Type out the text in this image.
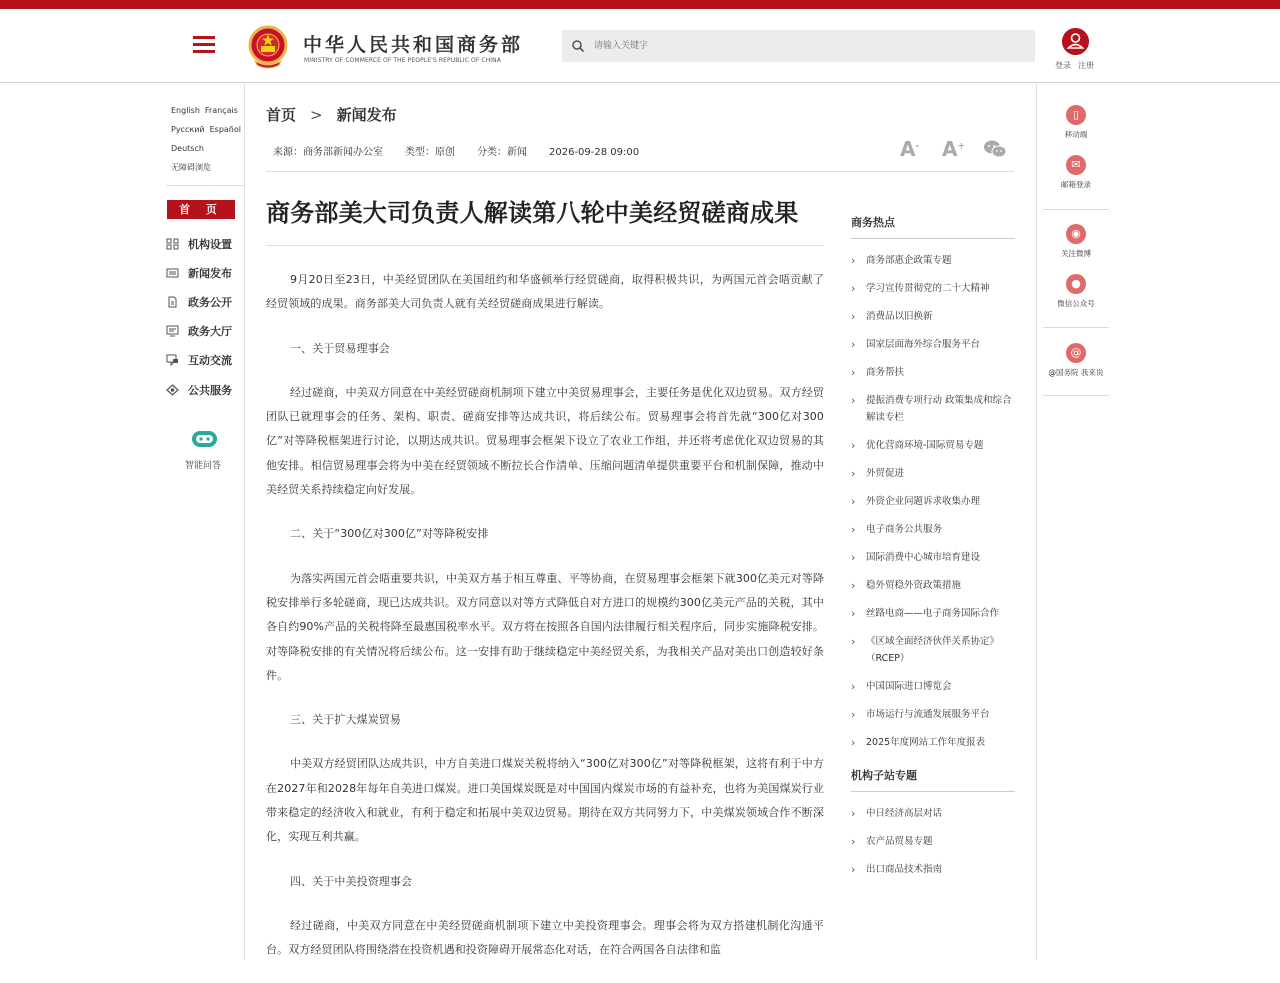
中华人民共和国商务部
MINISTRY OF COMMERCE OF THE PEOPLE'S REPUBLIC OF CHINA
请输入关键字
登录 注册
English Français
Русский Español
Deutsch
无障碍浏览
首 页
机构设置
新闻发布
政务公开
政务大厅
互动交流
公共服务
智能问答
首页 > 新闻发布
来源：商务部新闻办公室 类型：原创 分类：新闻 2026-09-28 09:00	A- A+
商务部美大司负责人解读第八轮中美经贸磋商成果

9月20日至23日，中美经贸团队在美国纽约和华盛顿举行经贸磋商，取得积极共识，为两国元首会晤贡献了经贸领域的成果。商务部美大司负责人就有关经贸磋商成果进行解读。

一、关于贸易理事会

经过磋商，中美双方同意在中美经贸磋商机制项下建立中美贸易理事会，主要任务是优化双边贸易。双方经贸团队已就理事会的任务、架构、职责、磋商安排等达成共识，将后续公布。贸易理事会将首先就“300亿对300亿”对等降税框架进行讨论，以期达成共识。贸易理事会框架下设立了农业工作组，并还将考虑优化双边贸易的其他安排。相信贸易理事会将为中美在经贸领域不断拉长合作清单、压缩问题清单提供重要平台和机制保障，推动中美经贸关系持续稳定向好发展。

二、关于“300亿对300亿”对等降税安排

为落实两国元首会晤重要共识，中美双方基于相互尊重、平等协商，在贸易理事会框架下就300亿美元对等降税安排举行多轮磋商，现已达成共识。双方同意以对等方式降低自对方进口的规模约300亿美元产品的关税，其中各自约90%产品的关税将降至最惠国税率水平。双方将在按照各自国内法律履行相关程序后，同步实施降税安排。对等降税安排的有关情况将后续公布。这一安排有助于继续稳定中美经贸关系，为我相关产品对美出口创造较好条件。

三、关于扩大煤炭贸易

中美双方经贸团队达成共识，中方自美进口煤炭关税将纳入“300亿对300亿”对等降税框架，这将有利于中方在2027年和2028年每年自美进口煤炭。进口美国煤炭既是对中国国内煤炭市场的有益补充，也将为美国煤炭行业带来稳定的经济收入和就业，有利于稳定和拓展中美双边贸易。期待在双方共同努力下，中美煤炭领域合作不断深化，实现互利共赢。

四、关于中美投资理事会

经过磋商，中美双方同意在中美经贸磋商机制项下建立中美投资理事会。理事会将为双方搭建机制化沟通平台。双方经贸团队将围绕潜在投资机遇和投资障碍开展常态化对话，在符合两国各自法律和监

商务热点
› 商务部惠企政策专题
› 学习宣传贯彻党的二十大精神
› 消费品以旧换新
› 国家层面海外综合服务平台
› 商务帮扶
› 提振消费专项行动 政策集成和综合解读专栏
› 优化营商环境-国际贸易专题
› 外贸促进
› 外资企业问题诉求收集办理
› 电子商务公共服务
› 国际消费中心城市培育建设
› 稳外贸稳外资政策措施
› 丝路电商——电子商务国际合作
› 《区域全面经济伙伴关系协定》（RCEP）
› 中国国际进口博览会
› 市场运行与流通发展服务平台
› 2025年度网站工作年度报表
机构子站专题
› 中日经济高层对话
› 农产品贸易专题
› 出口商品技术指南
▯
移动端
✉
邮箱登录
◉
关注微博
●
微信公众号
@
@国务院 我来说
